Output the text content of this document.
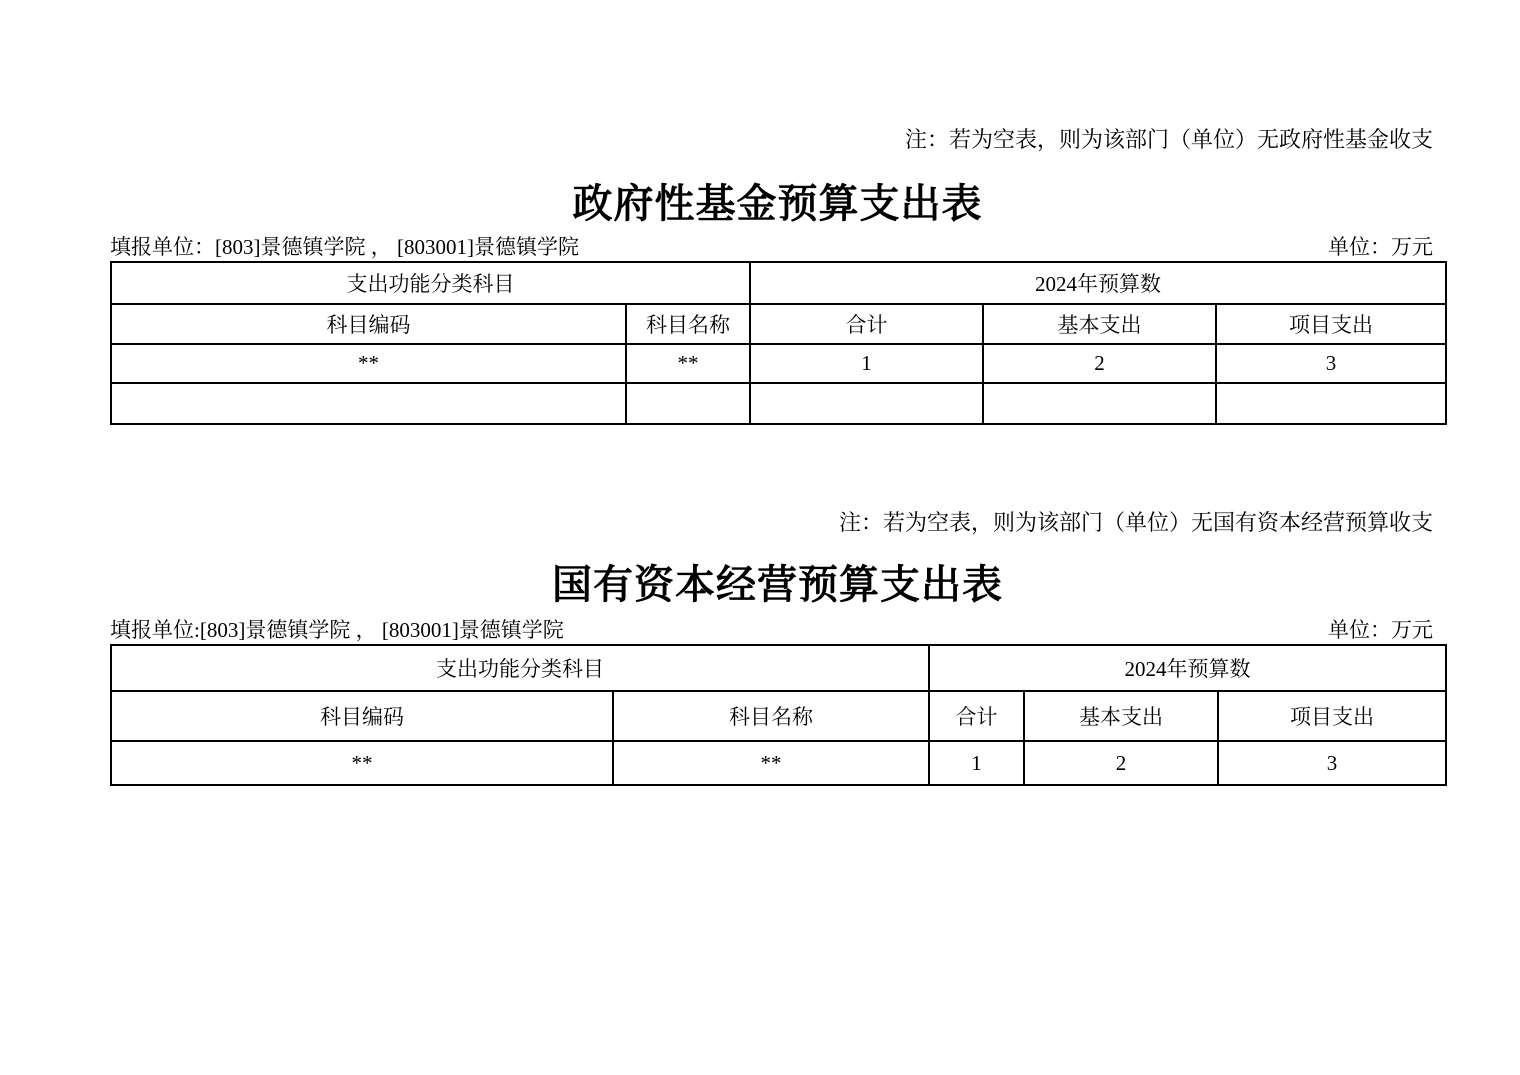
注：若为空表，则为该部门（单位）无政府性基金收支
政府性基金预算支出表
填报单位：[803]景德镇学院 ， [803001]景德镇学院	单位：万元
支出功能分类科目		2024年预算数		
科目编码	科目名称	合计	基本支出	项目支出
**	**	1	2	3

注：若为空表，则为该部门（单位）无国有资本经营预算收支
国有资本经营预算支出表
填报单位:[803]景德镇学院 ， [803001]景德镇学院	单位：万元
支出功能分类科目		2024年预算数		
科目编码	科目名称	合计	基本支出	项目支出
**	**	1	2	3
